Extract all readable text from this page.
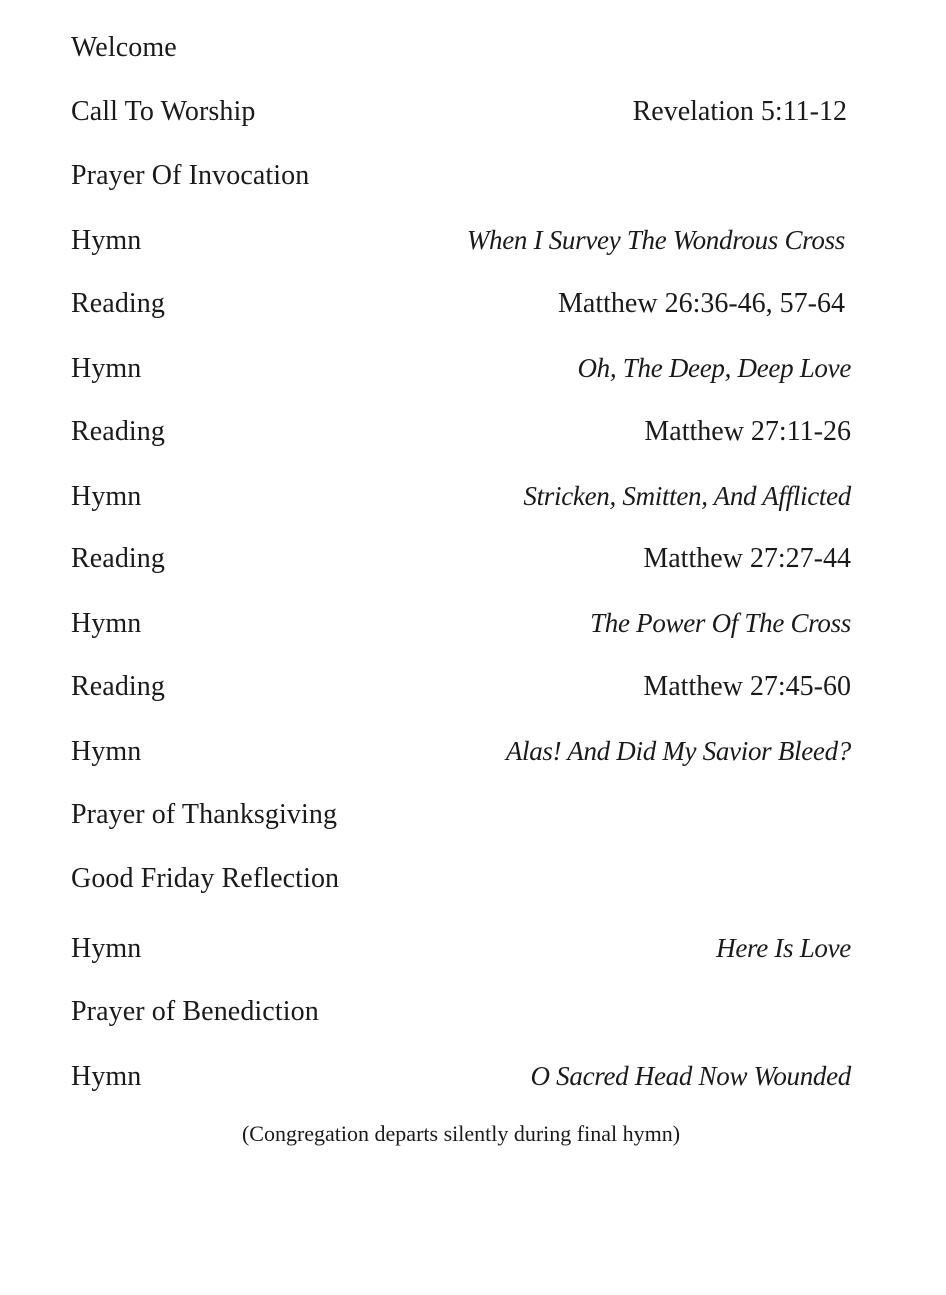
Welcome
Call To Worship	Revelation 5:11-12
Prayer Of Invocation
Hymn	When I Survey The Wondrous Cross
Reading	Matthew 26:36-46, 57-64
Hymn	Oh, The Deep, Deep Love
Reading	Matthew 27:11-26
Hymn	Stricken, Smitten, And Afflicted
Reading	Matthew 27:27-44
Hymn	The Power Of The Cross
Reading	Matthew 27:45-60
Hymn	Alas! And Did My Savior Bleed?
Prayer of Thanksgiving
Good Friday Reflection
Hymn	Here Is Love
Prayer of Benediction
Hymn	O Sacred Head Now Wounded
(Congregation departs silently during final hymn)
